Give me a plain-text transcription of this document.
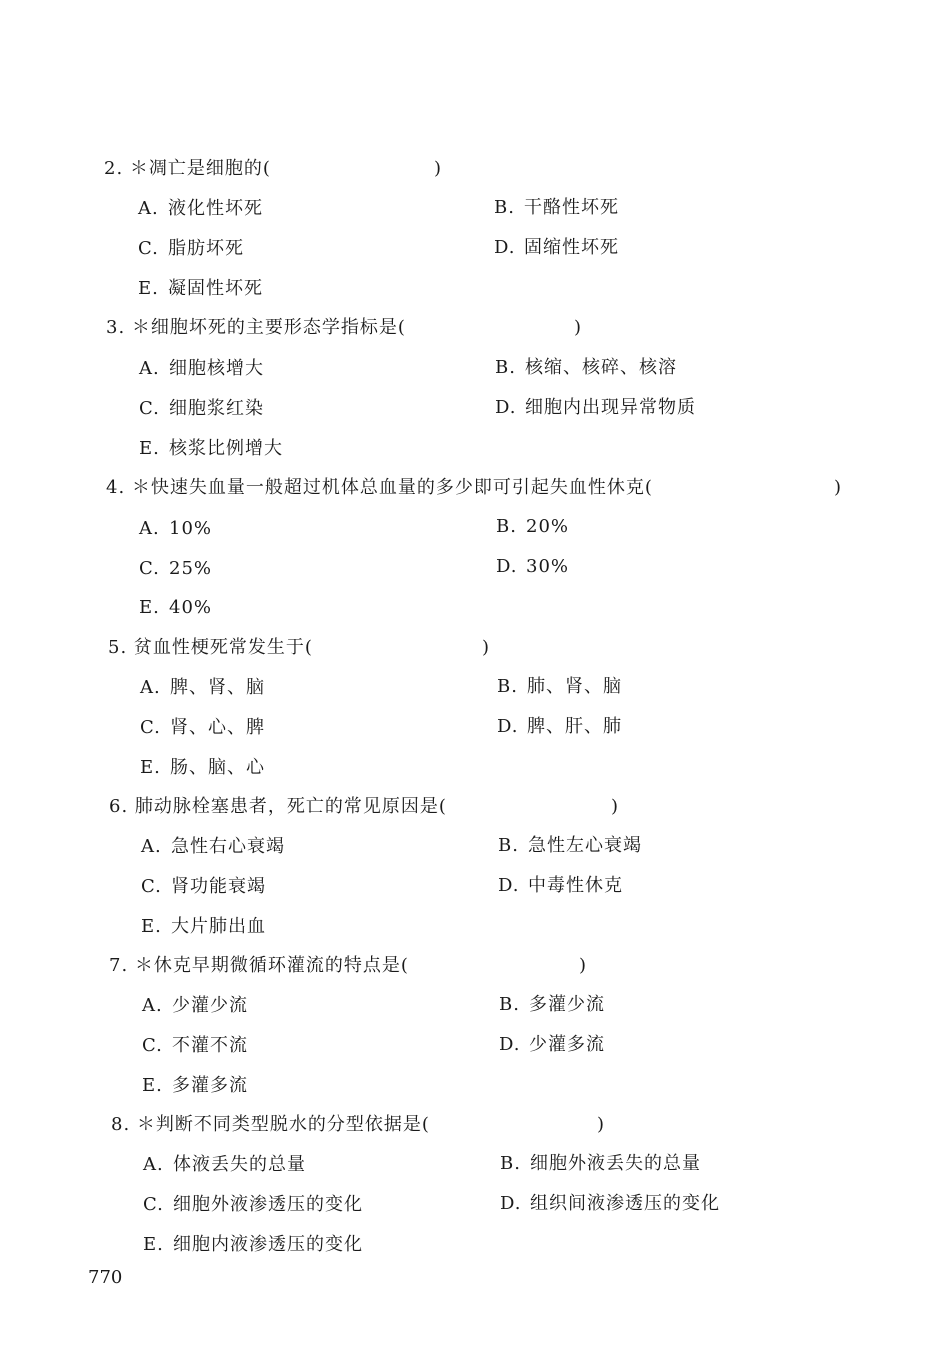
2. ＊凋亡是细胞的(	)
A. 液化性坏死	B. 干酪性坏死
C. 脂肪坏死	D. 固缩性坏死
E. 凝固性坏死
3. ＊细胞坏死的主要形态学指标是(	)
A. 细胞核增大	B. 核缩、核碎、核溶
C. 细胞浆红染	D. 细胞内出现异常物质
E. 核浆比例增大
4. ＊快速失血量一般超过机体总血量的多少即可引起失血性休克(	)
A. 10%	B. 20%
C. 25%	D. 30%
E. 40%
5. 贫血性梗死常发生于(	)
A. 脾、肾、脑	B. 肺、肾、脑
C. 肾、心、脾	D. 脾、肝、肺
E. 肠、脑、心
6. 肺动脉栓塞患者，死亡的常见原因是(	)
A. 急性右心衰竭	B. 急性左心衰竭
C. 肾功能衰竭	D. 中毒性休克
E. 大片肺出血
7. ＊休克早期微循环灌流的特点是(	)
A. 少灌少流	B. 多灌少流
C. 不灌不流	D. 少灌多流
E. 多灌多流
8. ＊判断不同类型脱水的分型依据是(	)
A. 体液丢失的总量	B. 细胞外液丢失的总量
C. 细胞外液渗透压的变化	D. 组织间液渗透压的变化
E. 细胞内液渗透压的变化
770
